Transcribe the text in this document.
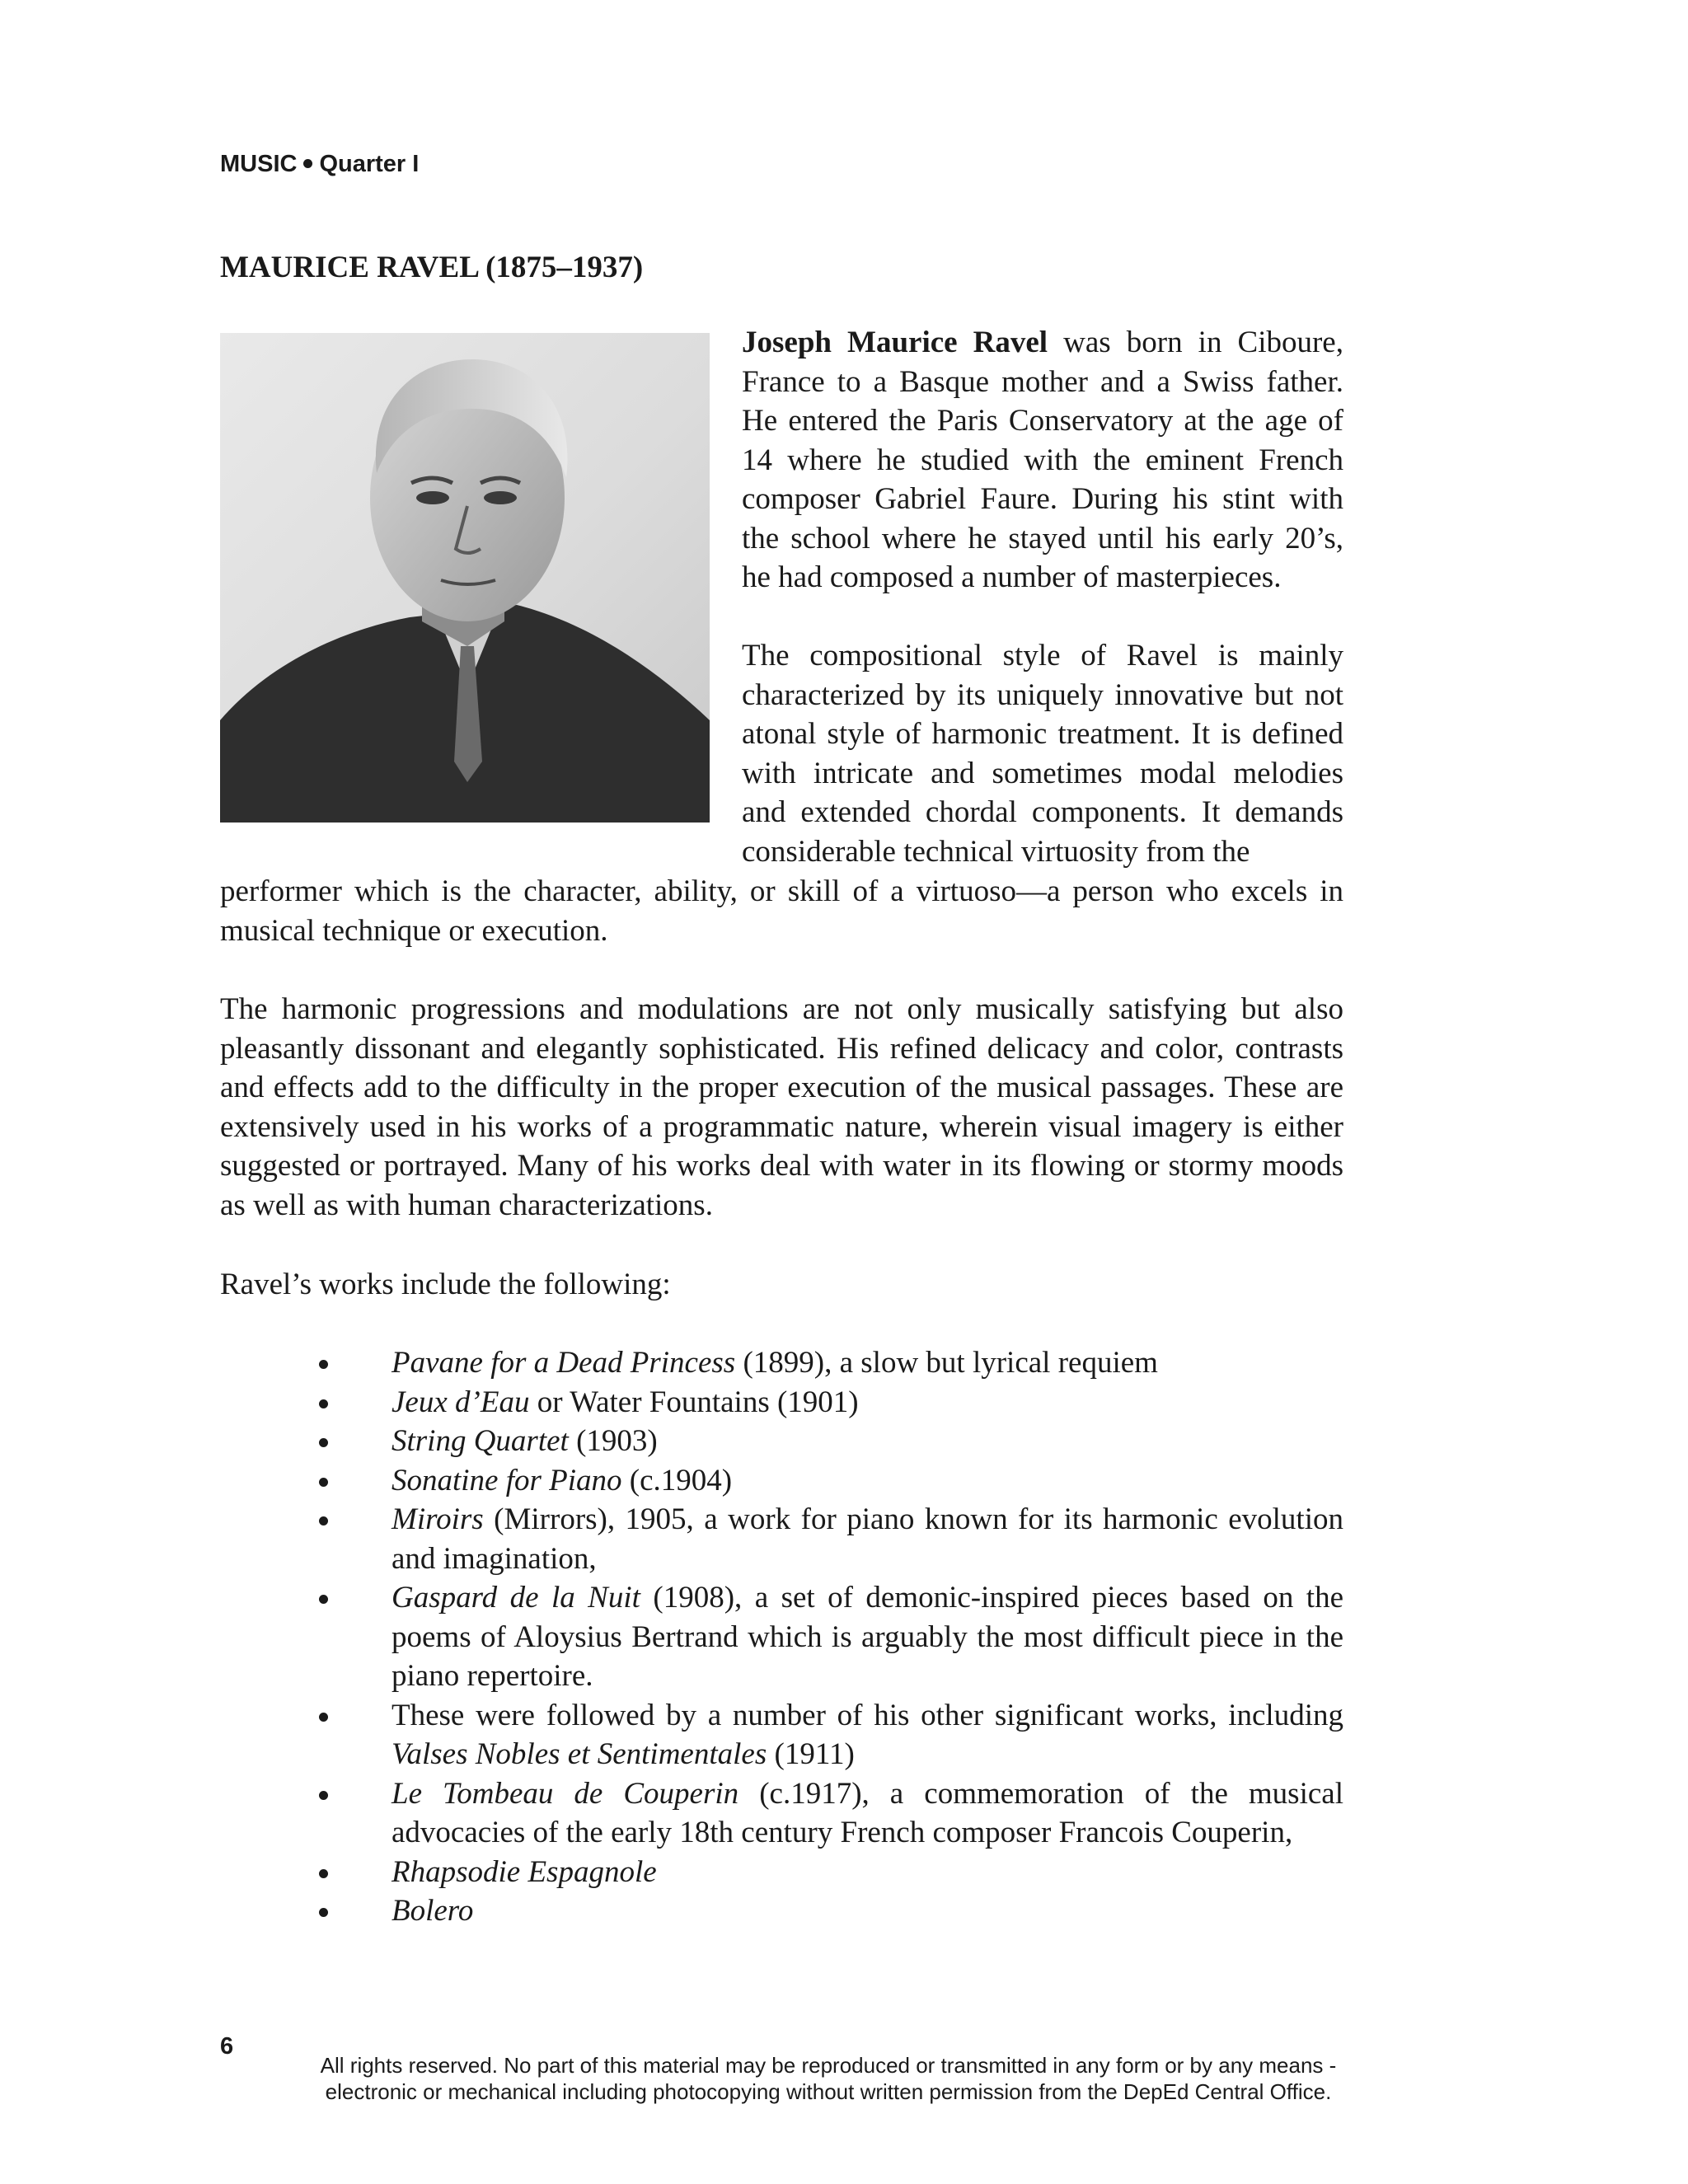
MUSIC Quarter I
MAURICE RAVEL (1875–1937)

Joseph Maurice Ravel was born in Ciboure, France to a Basque mother and a Swiss father. He entered the Paris Conservatory at the age of 14 where he studied with the eminent French composer Gabriel Faure. During his stint with the school where he stayed until his early 20’s, he had composed a number of masterpieces.

The compositional style of Ravel is mainly characterized by its uniquely innovative but not atonal style of harmonic treatment. It is defined with intricate and sometimes modal melodies and extended chordal components. It demands considerable technical virtuosity from the

performer which is the character, ability, or skill of a virtuoso—a person who excels in musical technique or execution.

The harmonic progressions and modulations are not only musically satisfying but also pleasantly dissonant and elegantly sophisticated. His refined delicacy and color, contrasts and effects add to the difficulty in the proper execution of the musical passages. These are extensively used in his works of a programmatic nature, wherein visual imagery is either suggested or portrayed. Many of his works deal with water in its flowing or stormy moods as well as with human characterizations.

Ravel’s works include the following:

Pavane for a Dead Princess (1899), a slow but lyrical requiem
Jeux d’Eau or Water Fountains (1901)
String Quartet (1903)
Sonatine for Piano (c.1904)
Miroirs (Mirrors), 1905, a work for piano known for its harmonic evolution and imagination,
Gaspard de la Nuit (1908), a set of demonic-inspired pieces based on the poems of Aloysius Bertrand which is arguably the most difficult piece in the piano repertoire.
These were followed by a number of his other significant works, including Valses Nobles et Sentimentales (1911)
Le Tombeau de Couperin (c.1917), a commemoration of the musical advocacies of the early 18th century French composer Francois Couperin,
Rhapsodie Espagnole
Bolero
6
All rights reserved. No part of this material may be reproduced or transmitted in any form or by any means -
electronic or mechanical including photocopying without written permission from the DepEd Central Office.
